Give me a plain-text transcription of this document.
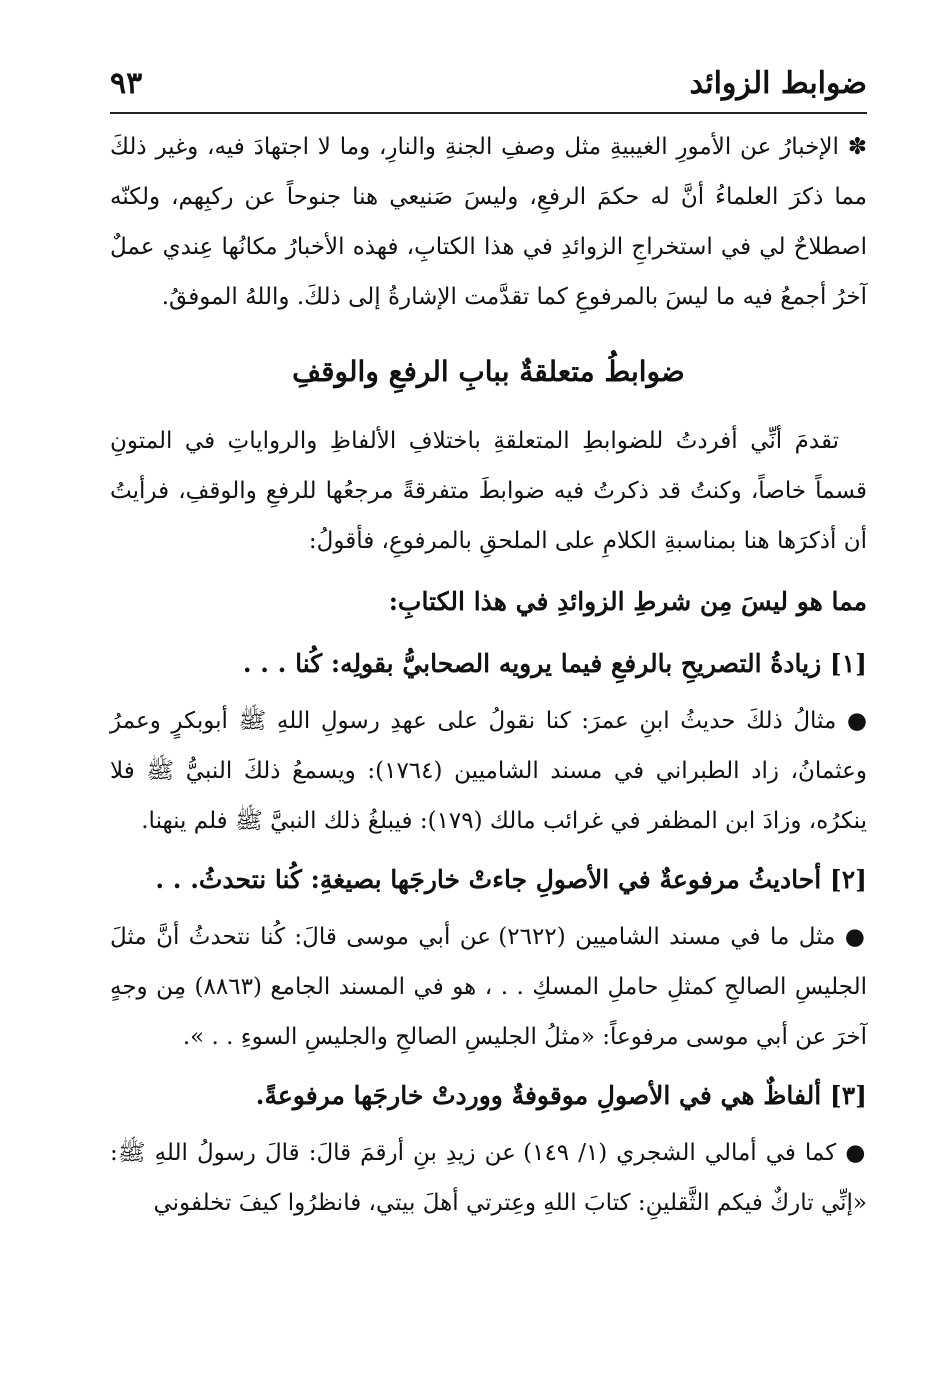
ضوابط الزوائد
٩٣

✽ الإخبارُ عن الأمورِ الغيبيةِ مثل وصفِ الجنةِ والنارِ، وما لا اجتهادَ فيه، وغير ذلكَ مما ذكرَ العلماءُ أنَّ له حكمَ الرفعِ، وليسَ صَنيعي هنا جنوحاً عن ركبِهم، ولكنّه اصطلاحٌ لي في استخراجِ الزوائدِ في هذا الكتابِ، فهذه الأخبارُ مكانُها عِندي عملٌ آخرُ أجمعُ فيه ما ليسَ بالمرفوعِ كما تقدَّمت الإشارةُ إلى ذلكَ. واللهُ الموفقُ.

ضوابطُ متعلقةٌ ببابِ الرفعِ والوقفِ

تقدمَ أنِّي أفردتُ للضوابطِ المتعلقةِ باختلافِ الألفاظِ والرواياتِ في المتونِ قسماً خاصاً، وكنتُ قد ذكرتُ فيه ضوابطَ متفرقةً مرجعُها للرفعِ والوقفِ، فرأيتُ أن أذكرَها هنا بمناسبةِ الكلامِ على الملحقِ بالمرفوعِ، فأقولُ:

مما هو ليسَ مِن شرطِ الزوائدِ في هذا الكتابِ:
[١] زيادةُ التصريحِ بالرفعِ فيما يرويه الصحابيُّ بقولِه: كُنا . . .

● مثالُ ذلكَ حديثُ ابنِ عمرَ: كنا نقولُ على عهدِ رسولِ اللهِ ﷺ أبوبكرٍ وعمرُ وعثمانُ، زاد الطبراني في مسند الشاميين (١٧٦٤): ويسمعُ ذلكَ النبيُّ ﷺ فلا ينكرُه، وزادَ ابن المظفر في غرائب مالك (١٧٩): فيبلغُ ذلك النبيَّ ﷺ فلم ينهنا.

[٢] أحاديثُ مرفوعةٌ في الأصولِ جاءتْ خارجَها بصيغةِ: كُنا نتحدثُ. . .

● مثل ما في مسند الشاميين (٢٦٢٢) عن أبي موسى قالَ: كُنا نتحدثُ أنَّ مثلَ الجليسِ الصالحِ كمثلِ حاملِ المسكِ . . ، هو في المسند الجامع (٨٨٦٣) مِن وجهٍ آخرَ عن أبي موسى مرفوعاً: «مثلُ الجليسِ الصالحِ والجليسِ السوءِ . . ».

[٣] ألفاظٌ هي في الأصولِ موقوفةٌ ووردتْ خارجَها مرفوعةً.

● كما في أمالي الشجري (١/ ١٤٩) عن زيدِ بنِ أرقمَ قالَ: قالَ رسولُ اللهِ ﷺ: «إنِّي تاركٌ فيكم الثَّقلينِ: كتابَ اللهِ وعِترتي أهلَ بيتي، فانظرُوا كيفَ تخلفوني
